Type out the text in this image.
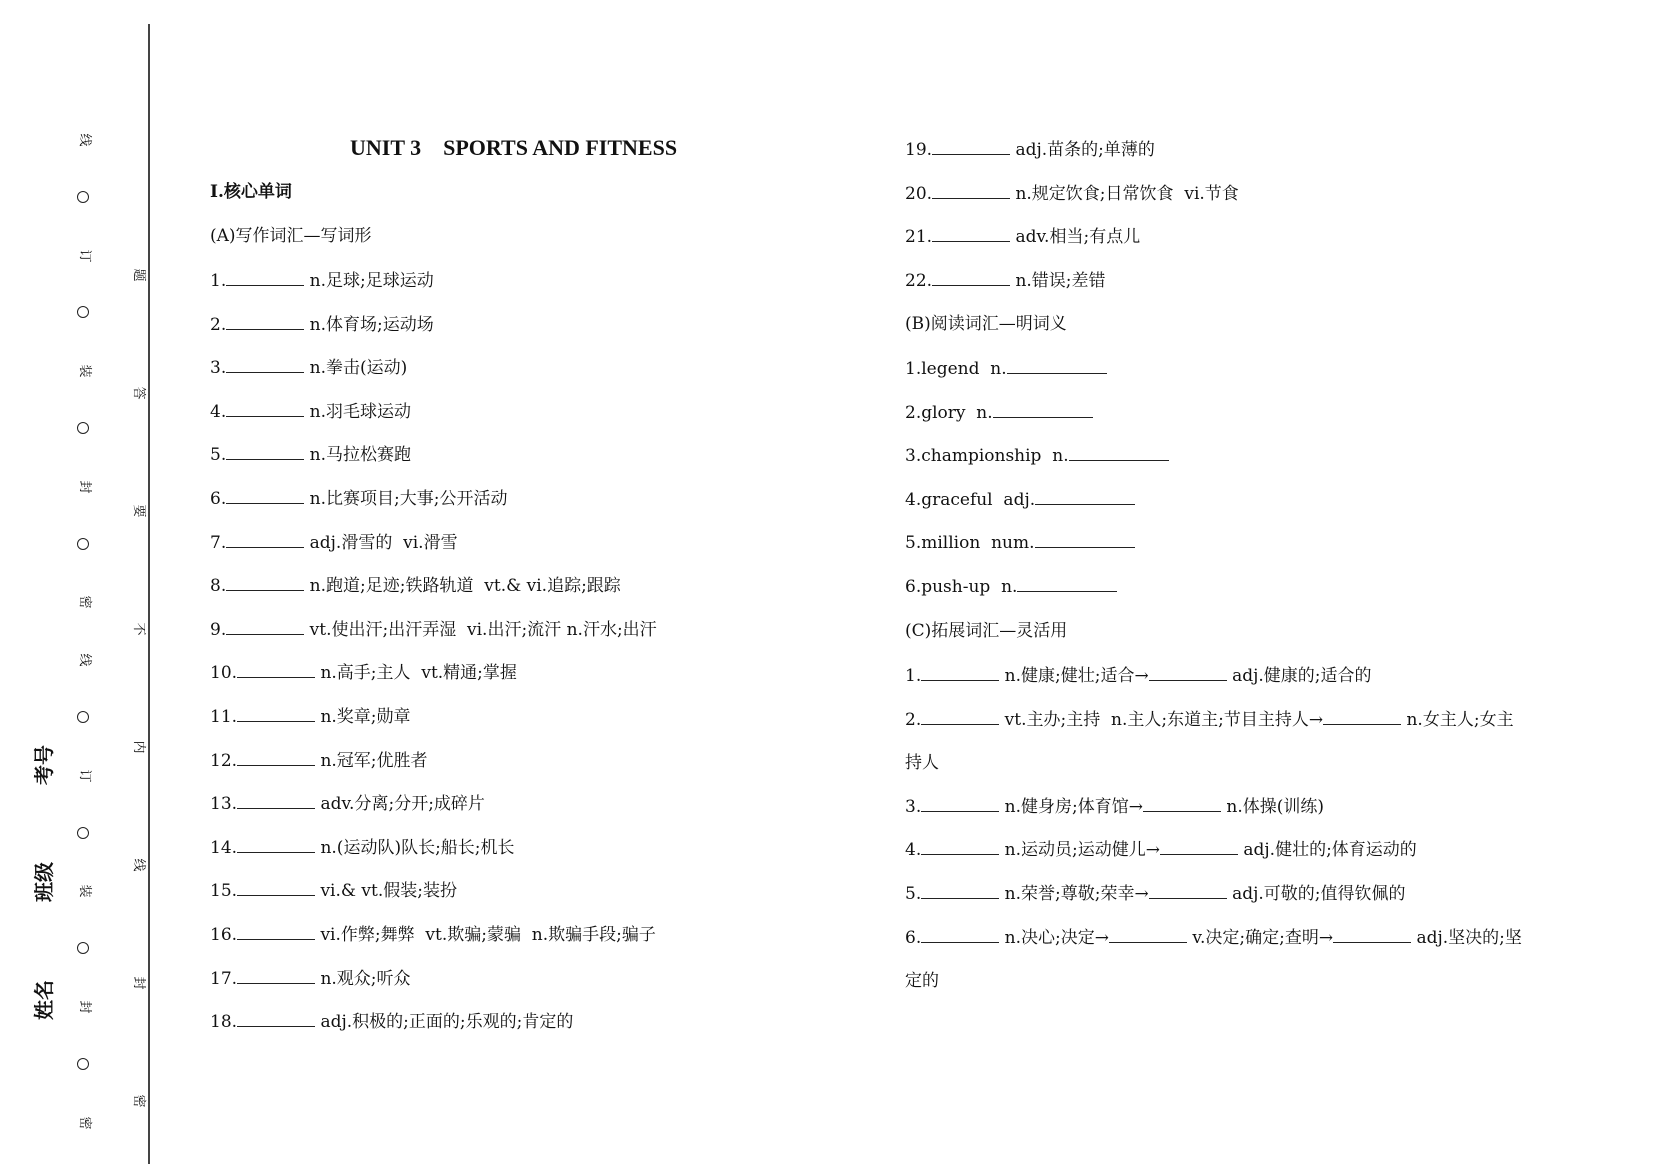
线
订
装
封
密
线
订
装
封
密
题
答
要
不
内
线
封
密
考号
班级
姓名
UNIT 3    SPORTS AND FITNESS
Ⅰ.核心单词
(A)写作词汇—写词形
1.	n.足球;足球运动
2.	n.体育场;运动场
3.	n.拳击(运动)
4.	n.羽毛球运动
5.	n.马拉松赛跑
6.	n.比赛项目;大事;公开活动
7.	adj.滑雪的  vi.滑雪
8.	n.跑道;足迹;铁路轨道  vt.& vi.追踪;跟踪
9.	vt.使出汗;出汗弄湿  vi.出汗;流汗 n.汗水;出汗
10.	n.高手;主人  vt.精通;掌握
11.	n.奖章;勋章
12.	n.冠军;优胜者
13.	adv.分离;分开;成碎片
14.	n.(运动队)队长;船长;机长
15.	vi.& vt.假装;装扮
16.	vi.作弊;舞弊  vt.欺骗;蒙骗  n.欺骗手段;骗子
17.	n.观众;听众
18.	adj.积极的;正面的;乐观的;肯定的
19.	adj.苗条的;单薄的
20.	n.规定饮食;日常饮食  vi.节食
21.	adv.相当;有点儿
22.	n.错误;差错
(B)阅读词汇—明词义
1.legend  n.
2.glory  n.
3.championship  n.
4.graceful  adj.
5.million  num.
6.push-up  n.
(C)拓展词汇—灵活用
1.	n.健康;健壮;适合→	adj.健康的;适合的
2.	vt.主办;主持  n.主人;东道主;节目主持人→	n.女主人;女主
持人
3.	n.健身房;体育馆→	n.体操(训练)
4.	n.运动员;运动健儿→	adj.健壮的;体育运动的
5.	n.荣誉;尊敬;荣幸→	adj.可敬的;值得钦佩的
6.	n.决心;决定→	v.决定;确定;查明→	adj.坚决的;坚
定的
